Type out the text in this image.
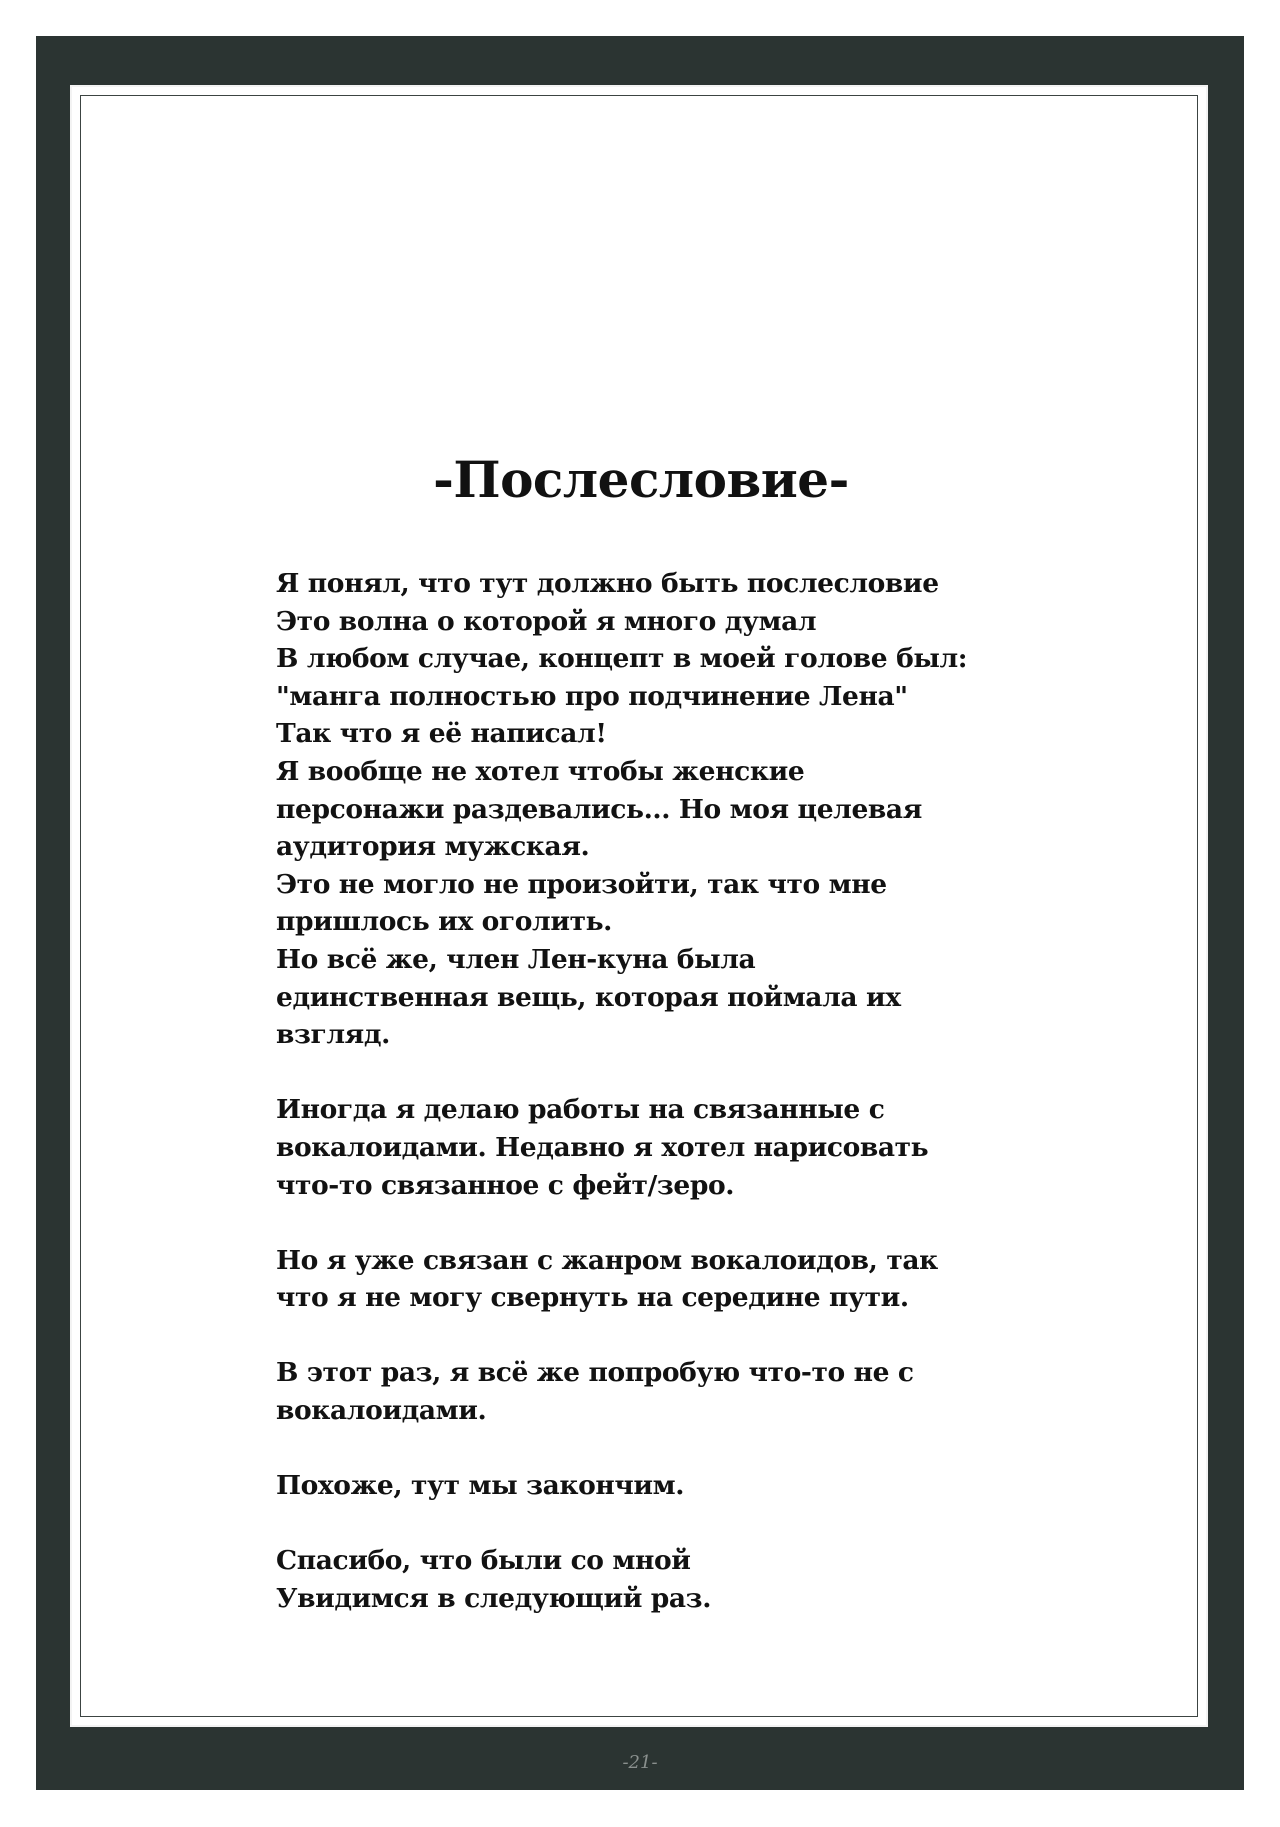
-Послесловие-
Я понял, что тут должно быть послесловие
Это волна о которой я много думал
В любом случае, концепт в моей голове был:
"манга полностью про подчинение Лена"
Так что я её написал!
Я вообще не хотел чтобы женские
персонажи раздевались... Но моя целевая
аудитория мужская.
Это не могло не произойти, так что мне
пришлось их оголить.
Но всё же, член Лен-куна была
единственная вещь, которая поймала их
взгляд.
Иногда я делаю работы на связанные с
вокалоидами. Недавно я хотел нарисовать
что-то связанное с фейт/зеро.
Но я уже связан с жанром вокалоидов, так
что я не могу свернуть на середине пути.
В этот раз, я всё же попробую что-то не с
вокалоидами.
Похоже, тут мы закончим.
Спасибо, что были со мной
Увидимся в следующий раз.
-21-
